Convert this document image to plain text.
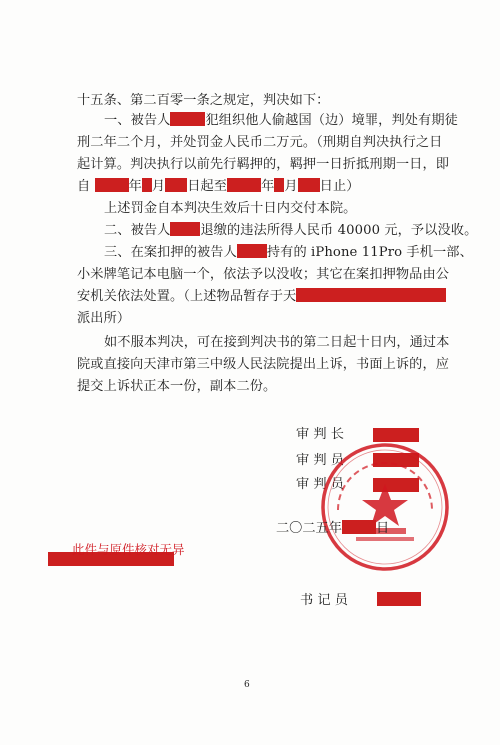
十五条、第二百零一条之规定，判决如下：
一、被告人	犯组织他人偷越国（边）境罪，判处有期徒
刑二年二个月，并处罚金人民币二万元。（刑期自判决执行之日
起计算。判决执行以前先行羁押的，羁押一日折抵刑期一日，即
自	年 月 日起至	年 月 日止）
上述罚金自本判决生效后十日内交付本院。
二、被告人 退缴的违法所得人民币 40000 元，予以没收。
三、在案扣押的被告人 持有的 iPhone 11Pro 手机一部、
小米牌笔记本电脑一个，依法予以没收；其它在案扣押物品由公
安机关依法处置。（上述物品暂存于天
派出所）
如不服本判决，可在接到判决书的第二日起十日内，通过本
院或直接向天津市第三中级人民法院提出上诉，书面上诉的，应
提交上诉状正本一份，副本二份。
审 判 长
审 判 员
审 判 员
二〇二五年	日
此件与原件核对无异
书 记 员
6
